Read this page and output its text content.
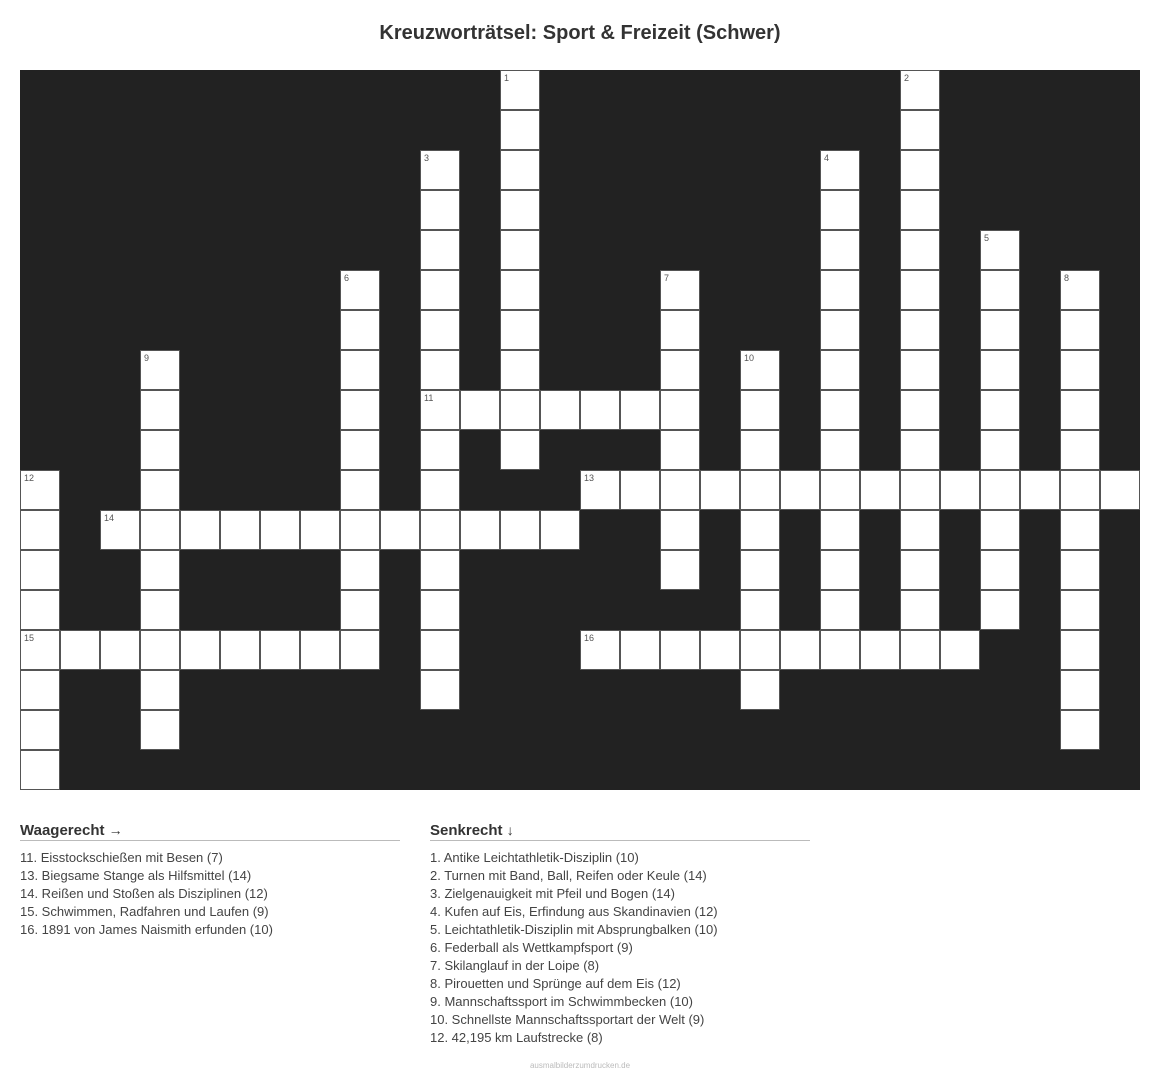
Kreuzworträtsel: Sport & Freizeit (Schwer)
1	2
3
11
4
5
6	7	8
9	10
12
15
13
14
16
Waagerecht →
11. Eisstockschießen mit Besen (7)
13. Biegsame Stange als Hilfsmittel (14)
14. Reißen und Stoßen als Disziplinen (12)
15. Schwimmen, Radfahren und Laufen (9)
16. 1891 von James Naismith erfunden (10)
Senkrecht ↓
1. Antike Leichtathletik-Disziplin (10)
2. Turnen mit Band, Ball, Reifen oder Keule (14)
3. Zielgenauigkeit mit Pfeil und Bogen (14)
4. Kufen auf Eis, Erfindung aus Skandinavien (12)
5. Leichtathletik-Disziplin mit Absprungbalken (10)
6. Federball als Wettkampfsport (9)
7. Skilanglauf in der Loipe (8)
8. Pirouetten und Sprünge auf dem Eis (12)
9. Mannschaftssport im Schwimmbecken (10)
10. Schnellste Mannschaftssportart der Welt (9)
12. 42,195 km Laufstrecke (8)
ausmalbilderzumdrucken.de
